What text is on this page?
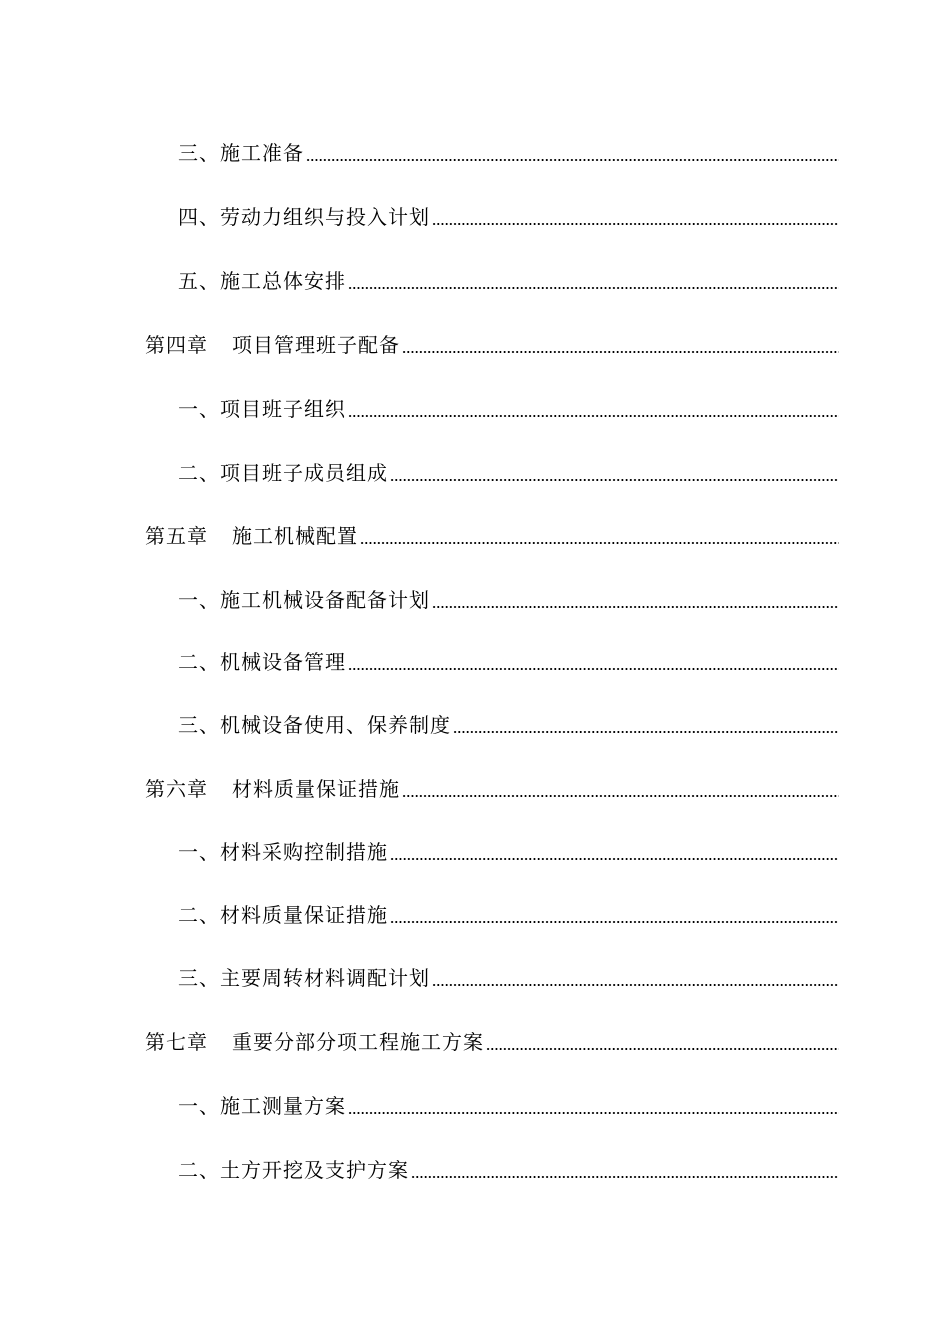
三、施工准备
四、劳动力组织与投入计划
五、施工总体安排
第四章 项目管理班子配备
一、项目班子组织
二、项目班子成员组成
第五章 施工机械配置
一、施工机械设备配备计划
二、机械设备管理
三、机械设备使用、保养制度
第六章 材料质量保证措施
一、材料采购控制措施
二、材料质量保证措施
三、主要周转材料调配计划
第七章 重要分部分项工程施工方案
一、施工测量方案
二、土方开挖及支护方案
